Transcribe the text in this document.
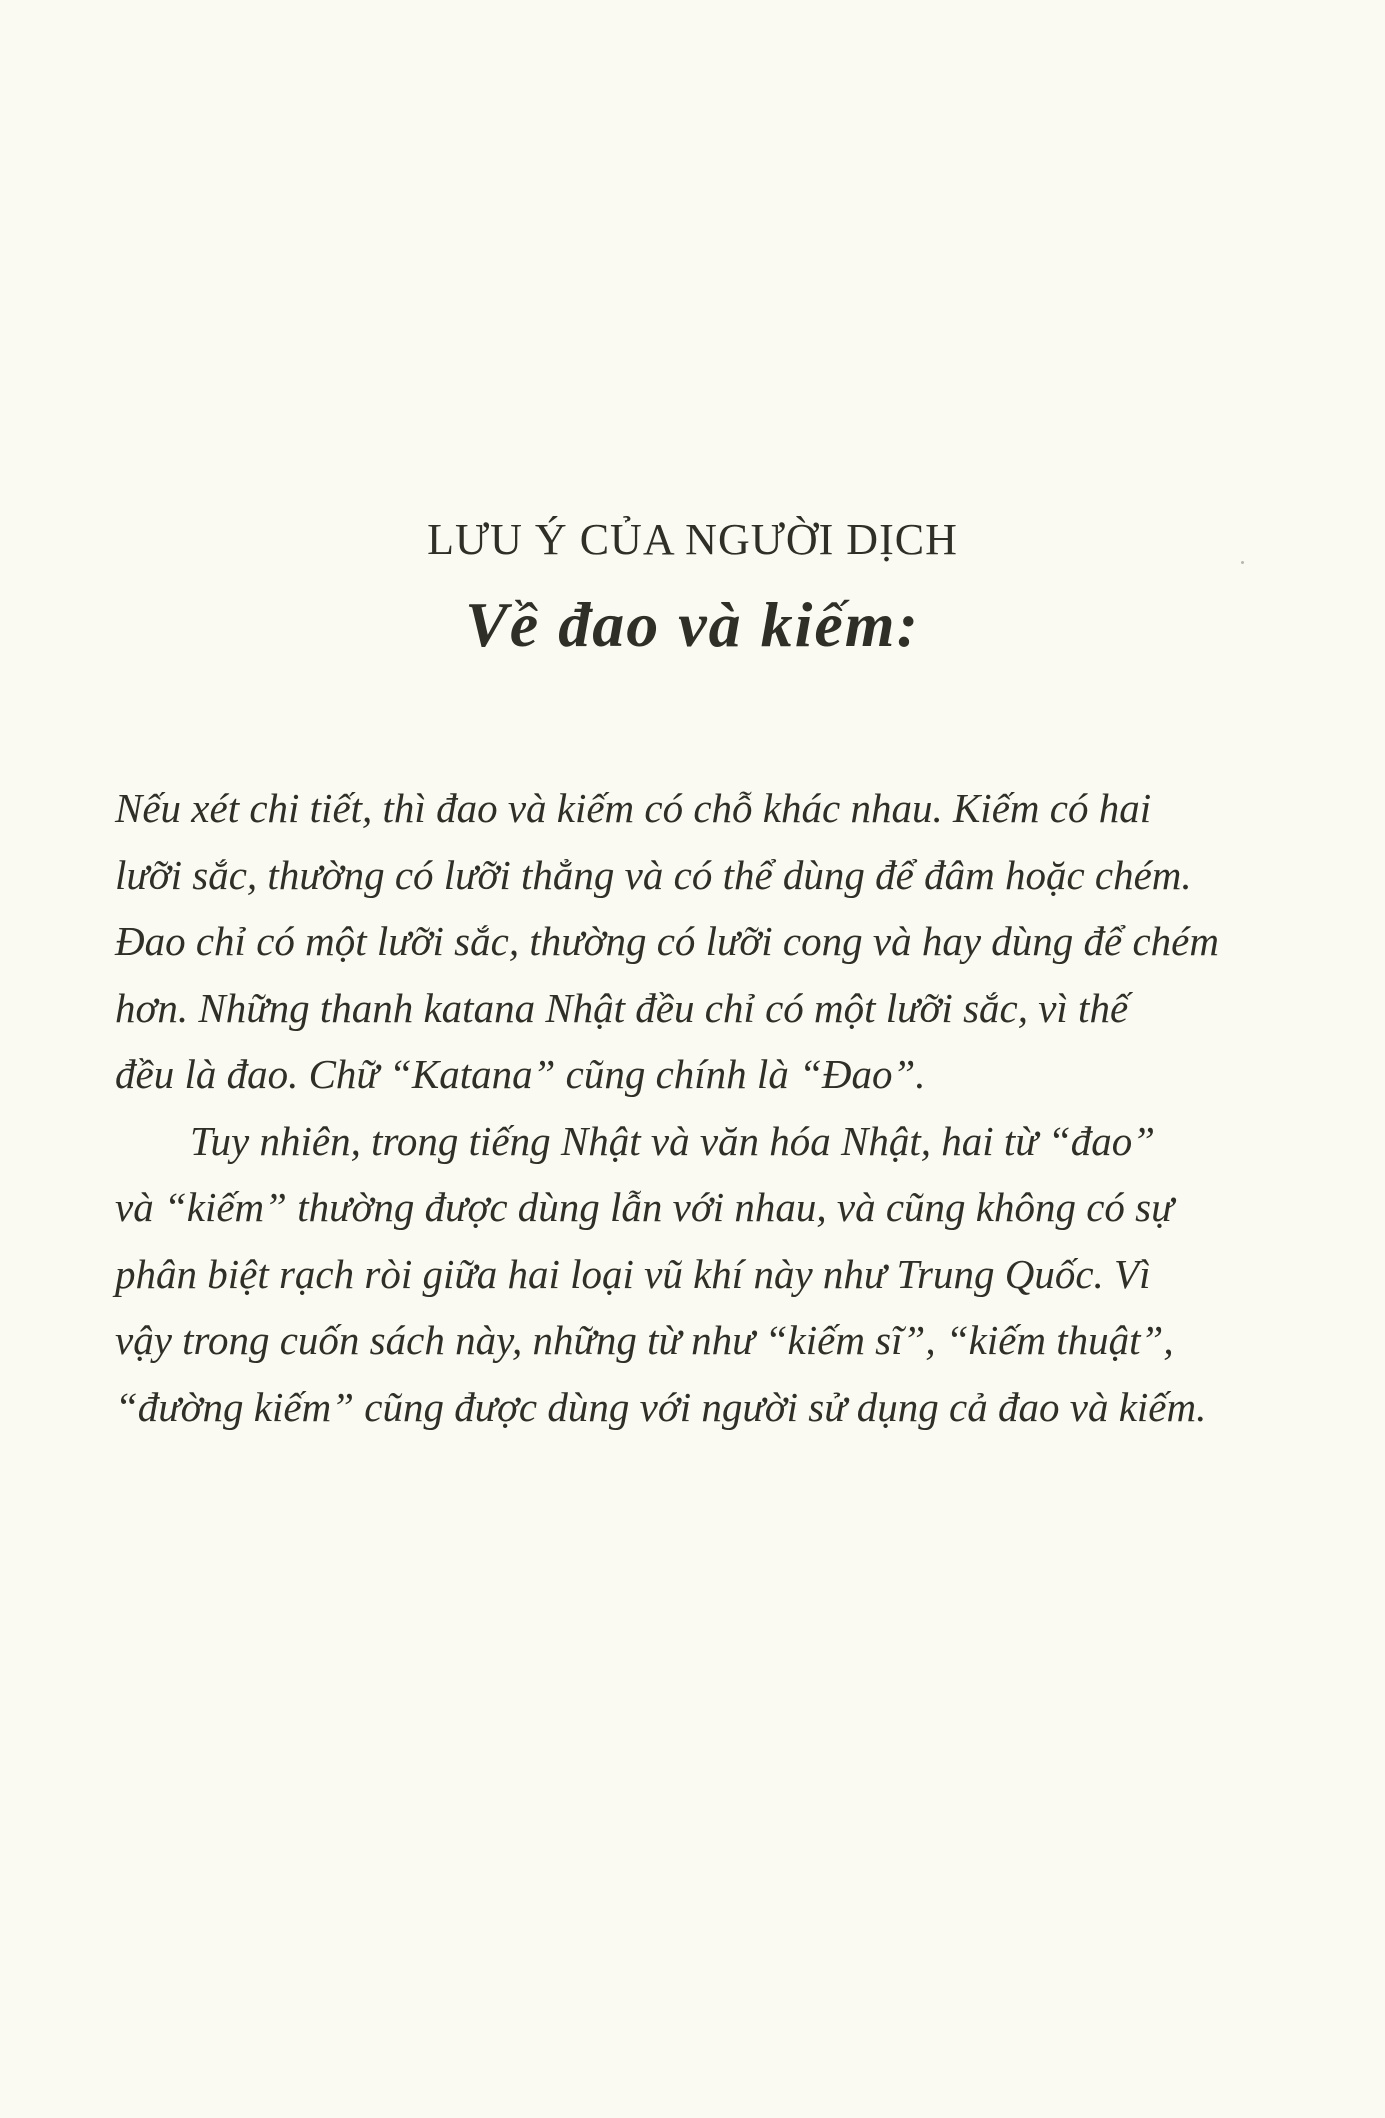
LƯU Ý CỦA NGƯỜI DỊCH
Về đao và kiếm:
Nếu xét chi tiết, thì đao và kiếm có chỗ khác nhau. Kiếm có hai
lưỡi sắc, thường có lưỡi thẳng và có thể dùng để đâm hoặc chém.
Đao chỉ có một lưỡi sắc, thường có lưỡi cong và hay dùng để chém
hơn. Những thanh katana Nhật đều chỉ có một lưỡi sắc, vì thế
đều là đao. Chữ “Katana” cũng chính là “Đao”.
Tuy nhiên, trong tiếng Nhật và văn hóa Nhật, hai từ “đao”
và “kiếm” thường được dùng lẫn với nhau, và cũng không có sự
phân biệt rạch ròi giữa hai loại vũ khí này như Trung Quốc. Vì
vậy trong cuốn sách này, những từ như “kiếm sĩ”, “kiếm thuật”,
“đường kiếm” cũng được dùng với người sử dụng cả đao và kiếm.
